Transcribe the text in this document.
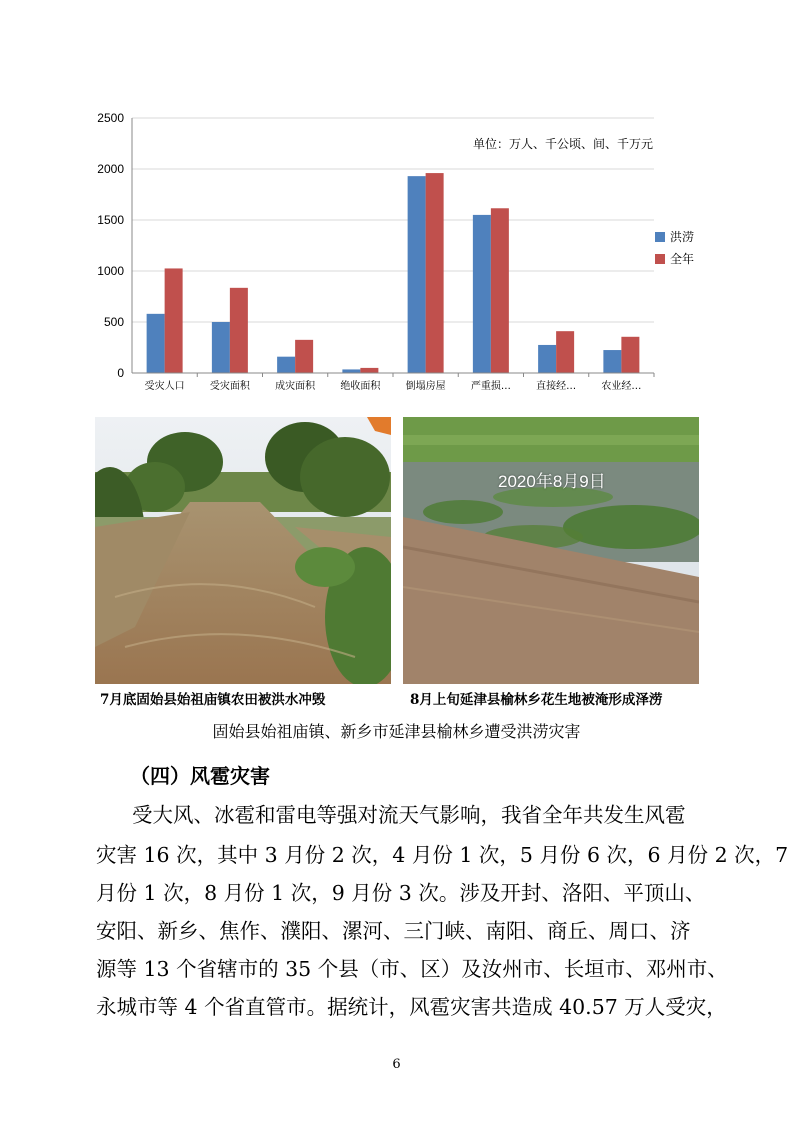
0
500
1000
1500
2000
2500
受灾人口	受灾面积	成灾面积	绝收面积	倒塌房屋	严重损…	直接经…	农业经…
单位：万人、千公顷、间、千万元
洪涝
全年
2020年8月9日
7月底固始县始祖庙镇农田被洪水冲毁	8月上旬延津县榆林乡花生地被淹形成泽涝
固始县始祖庙镇、新乡市延津县榆林乡遭受洪涝灾害
（四）风雹灾害
受大风、冰雹和雷电等强对流天气影响，我省全年共发生风雹
灾害 16 次，其中 3 月份 2 次，4 月份 1 次，5 月份 6 次，6 月份 2 次，7
月份 1 次，8 月份 1 次，9 月份 3 次。涉及开封、洛阳、平顶山、
安阳、新乡、焦作、濮阳、漯河、三门峡、南阳、商丘、周口、济
源等 13 个省辖市的 35 个县（市、区）及汝州市、长垣市、邓州市、
永城市等 4 个省直管市。据统计，风雹灾害共造成 40.57 万人受灾，
6
